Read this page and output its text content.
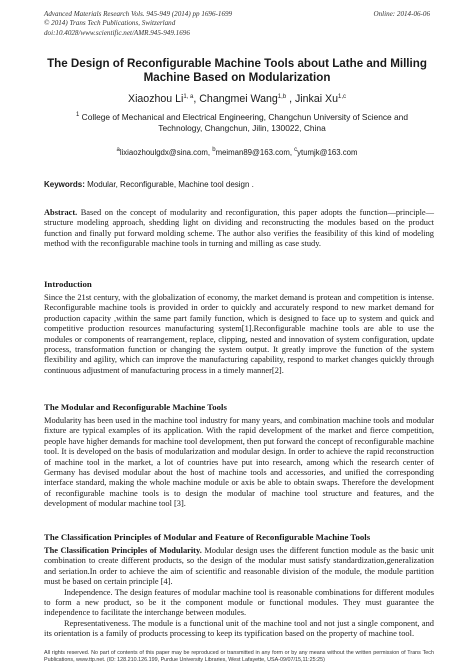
Advanced Materials Research Vols. 945-949 (2014) pp 1696-1699	Online: 2014-06-06
© 2014) Trans Tech Publications, Switzerland
doi:10.4028/www.scientific.net/AMR.945-949.1696
The Design of Reconfigurable Machine Tools about Lathe and Milling Machine Based on Modularization
Xiaozhou Li$^{1, a}$, Changmei Wang$^{1,b}$ , Jinkai Xu$^{1,c}$
$^1$ College of Mechanical and Electrical Engineering, Changchun University of Science and Technology, Changchun, Jilin, 130022, China
$^a$lixiaozhoulgdx@sina.com, $^b$meiman89@163.com, $^c$ytumjk@163.com
Keywords: Modular, Reconfigurable, Machine tool design .

Abstract. Based on the concept of modularity and reconfiguration, this paper adopts the function—principle—structure modeling approach, shedding light on dividing and reconstructing the modules based on the product function and finally put forward molding scheme. The author also verifies the feasibility of this kind of modeling method with the reconfigurable machine tools in turning and milling as case study.

Introduction

Since the 21st century, with the globalization of economy, the market demand is protean and competition is intense. Reconfigurable machine tools is provided in order to quickly and accurately respond to new market demand for production capacity ,within the same part family function, which is designed to face up to system and quick and competitive production resources manufacturing system[1].Reconfigurable machine tools are able to use the modules or components of rearrangement, replace, clipping, nested and innovation of system configuration, update process, transformation function or changing the system output. It greatly improve the function of the system flexibility and agility, which can improve the manufacturing capability, respond to market changes quickly through continuous adjustment of manufacturing process in a timely manner[2].

The Modular and Reconfigurable Machine Tools

Modularity has been used in the machine tool industry for many years, and combination machine tools and modular fixture are typical examples of its application. With the rapid development of the market and fierce competition, people have higher demands for machine tool development, then put forward the concept of reconfigurable machine tool. It is developed on the basis of modularization and modular design. In order to achieve the rapid reconstruction of machine tool in the market, a lot of countries have put into research, among which the research center of Germany has devised modular about the host of machine tools and accessories, and unified the corresponding interface standard, making the whole machine module or axis be able to obtain swaps. Therefore the development of reconfigurable machine tools is to design the modular of machine tool structure and features, and the development of modular machine tool [3].

The Classification Principles of Modular and Feature of Reconfigurable Machine Tools

The Classification Principles of Modularity. Modular design uses the different function module as the basic unit combination to create different products, so the design of the modular must satisfy standardization,generalization and seriation.In order to achieve the aim of scientific and reasonable division of the module, the module partition must be based on certain principle [4].

Independence. The design features of modular machine tool is reasonable combinations for different modules to form a new product, so be it the component module or functional modules. They must guarantee the independence to facilitate the interchange between modules.

Representativeness. The module is a functional unit of the machine tool and not just a single component, and its orientation is a family of products processing to keep its typification based on the property of machine tool.

All rights reserved. No part of contents of this paper may be reproduced or transmitted in any form or by any means without the written permission of Trans Tech Publications, www.ttp.net. (ID: 128.210.126.199, Purdue University Libraries, West Lafayette, USA-09/07/15,11:25:25)
